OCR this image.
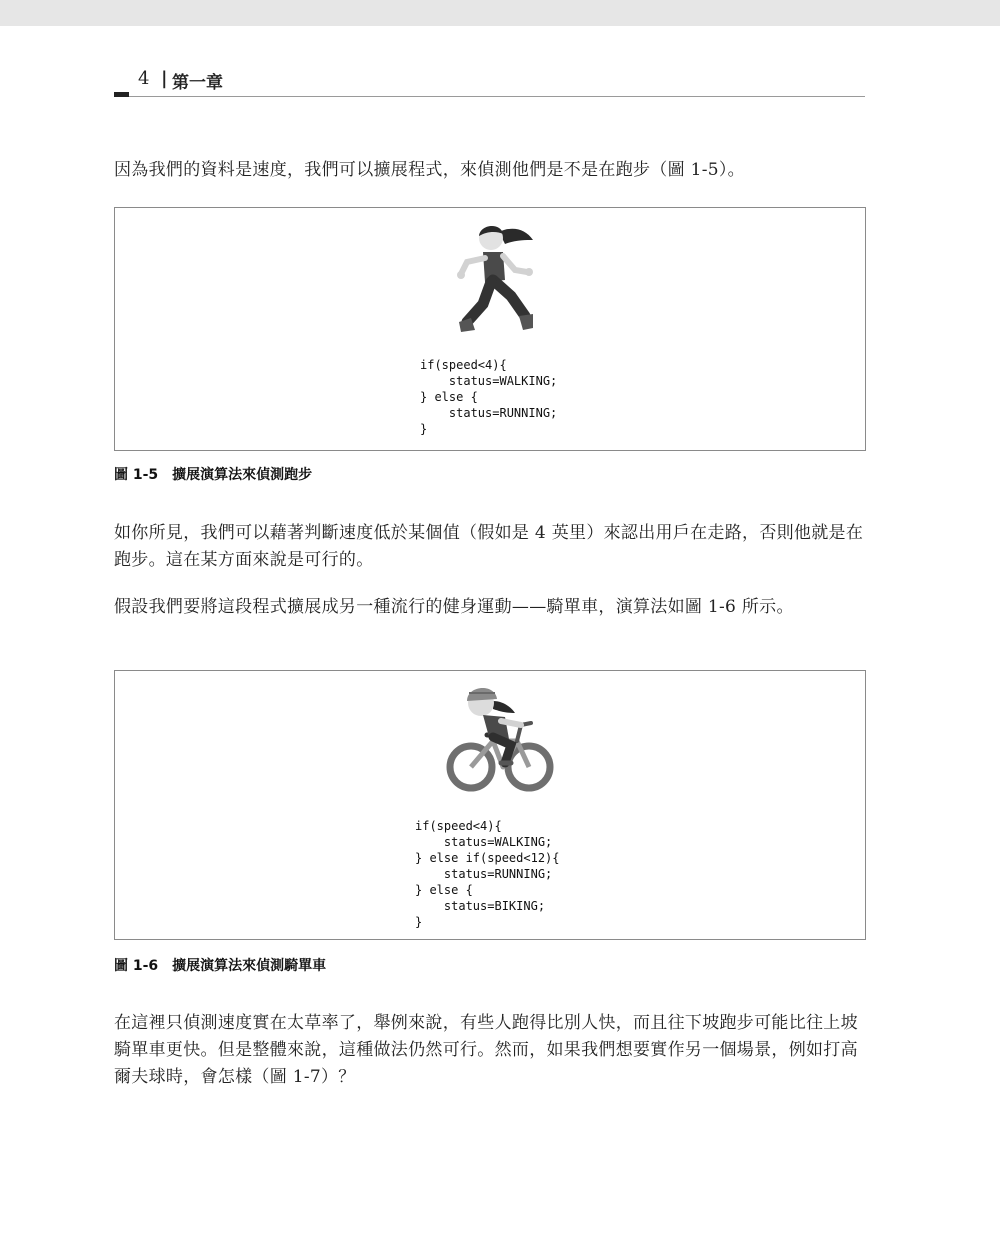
4 | 第一章

因為我們的資料是速度，我們可以擴展程式，來偵測他們是不是在跑步（圖 1-5）。

if(speed<4){
status=WALKING;
} else {
status=RUNNING;
}
圖 1-5 擴展演算法來偵測跑步

如你所見，我們可以藉著判斷速度低於某個值（假如是 4 英里）來認出用戶在走路，否則他就是在跑步。這在某方面來說是可行的。

假設我們要將這段程式擴展成另一種流行的健身運動——騎單車，演算法如圖 1-6 所示。

if(speed<4){
status=WALKING;
} else if(speed<12){
status=RUNNING;
} else {
status=BIKING;
}
圖 1-6 擴展演算法來偵測騎單車

在這裡只偵測速度實在太草率了，舉例來說，有些人跑得比別人快，而且往下坡跑步可能比往上坡騎單車更快。但是整體來說，這種做法仍然可行。然而，如果我們想要實作另一個場景，例如打高爾夫球時，會怎樣（圖 1-7）？
